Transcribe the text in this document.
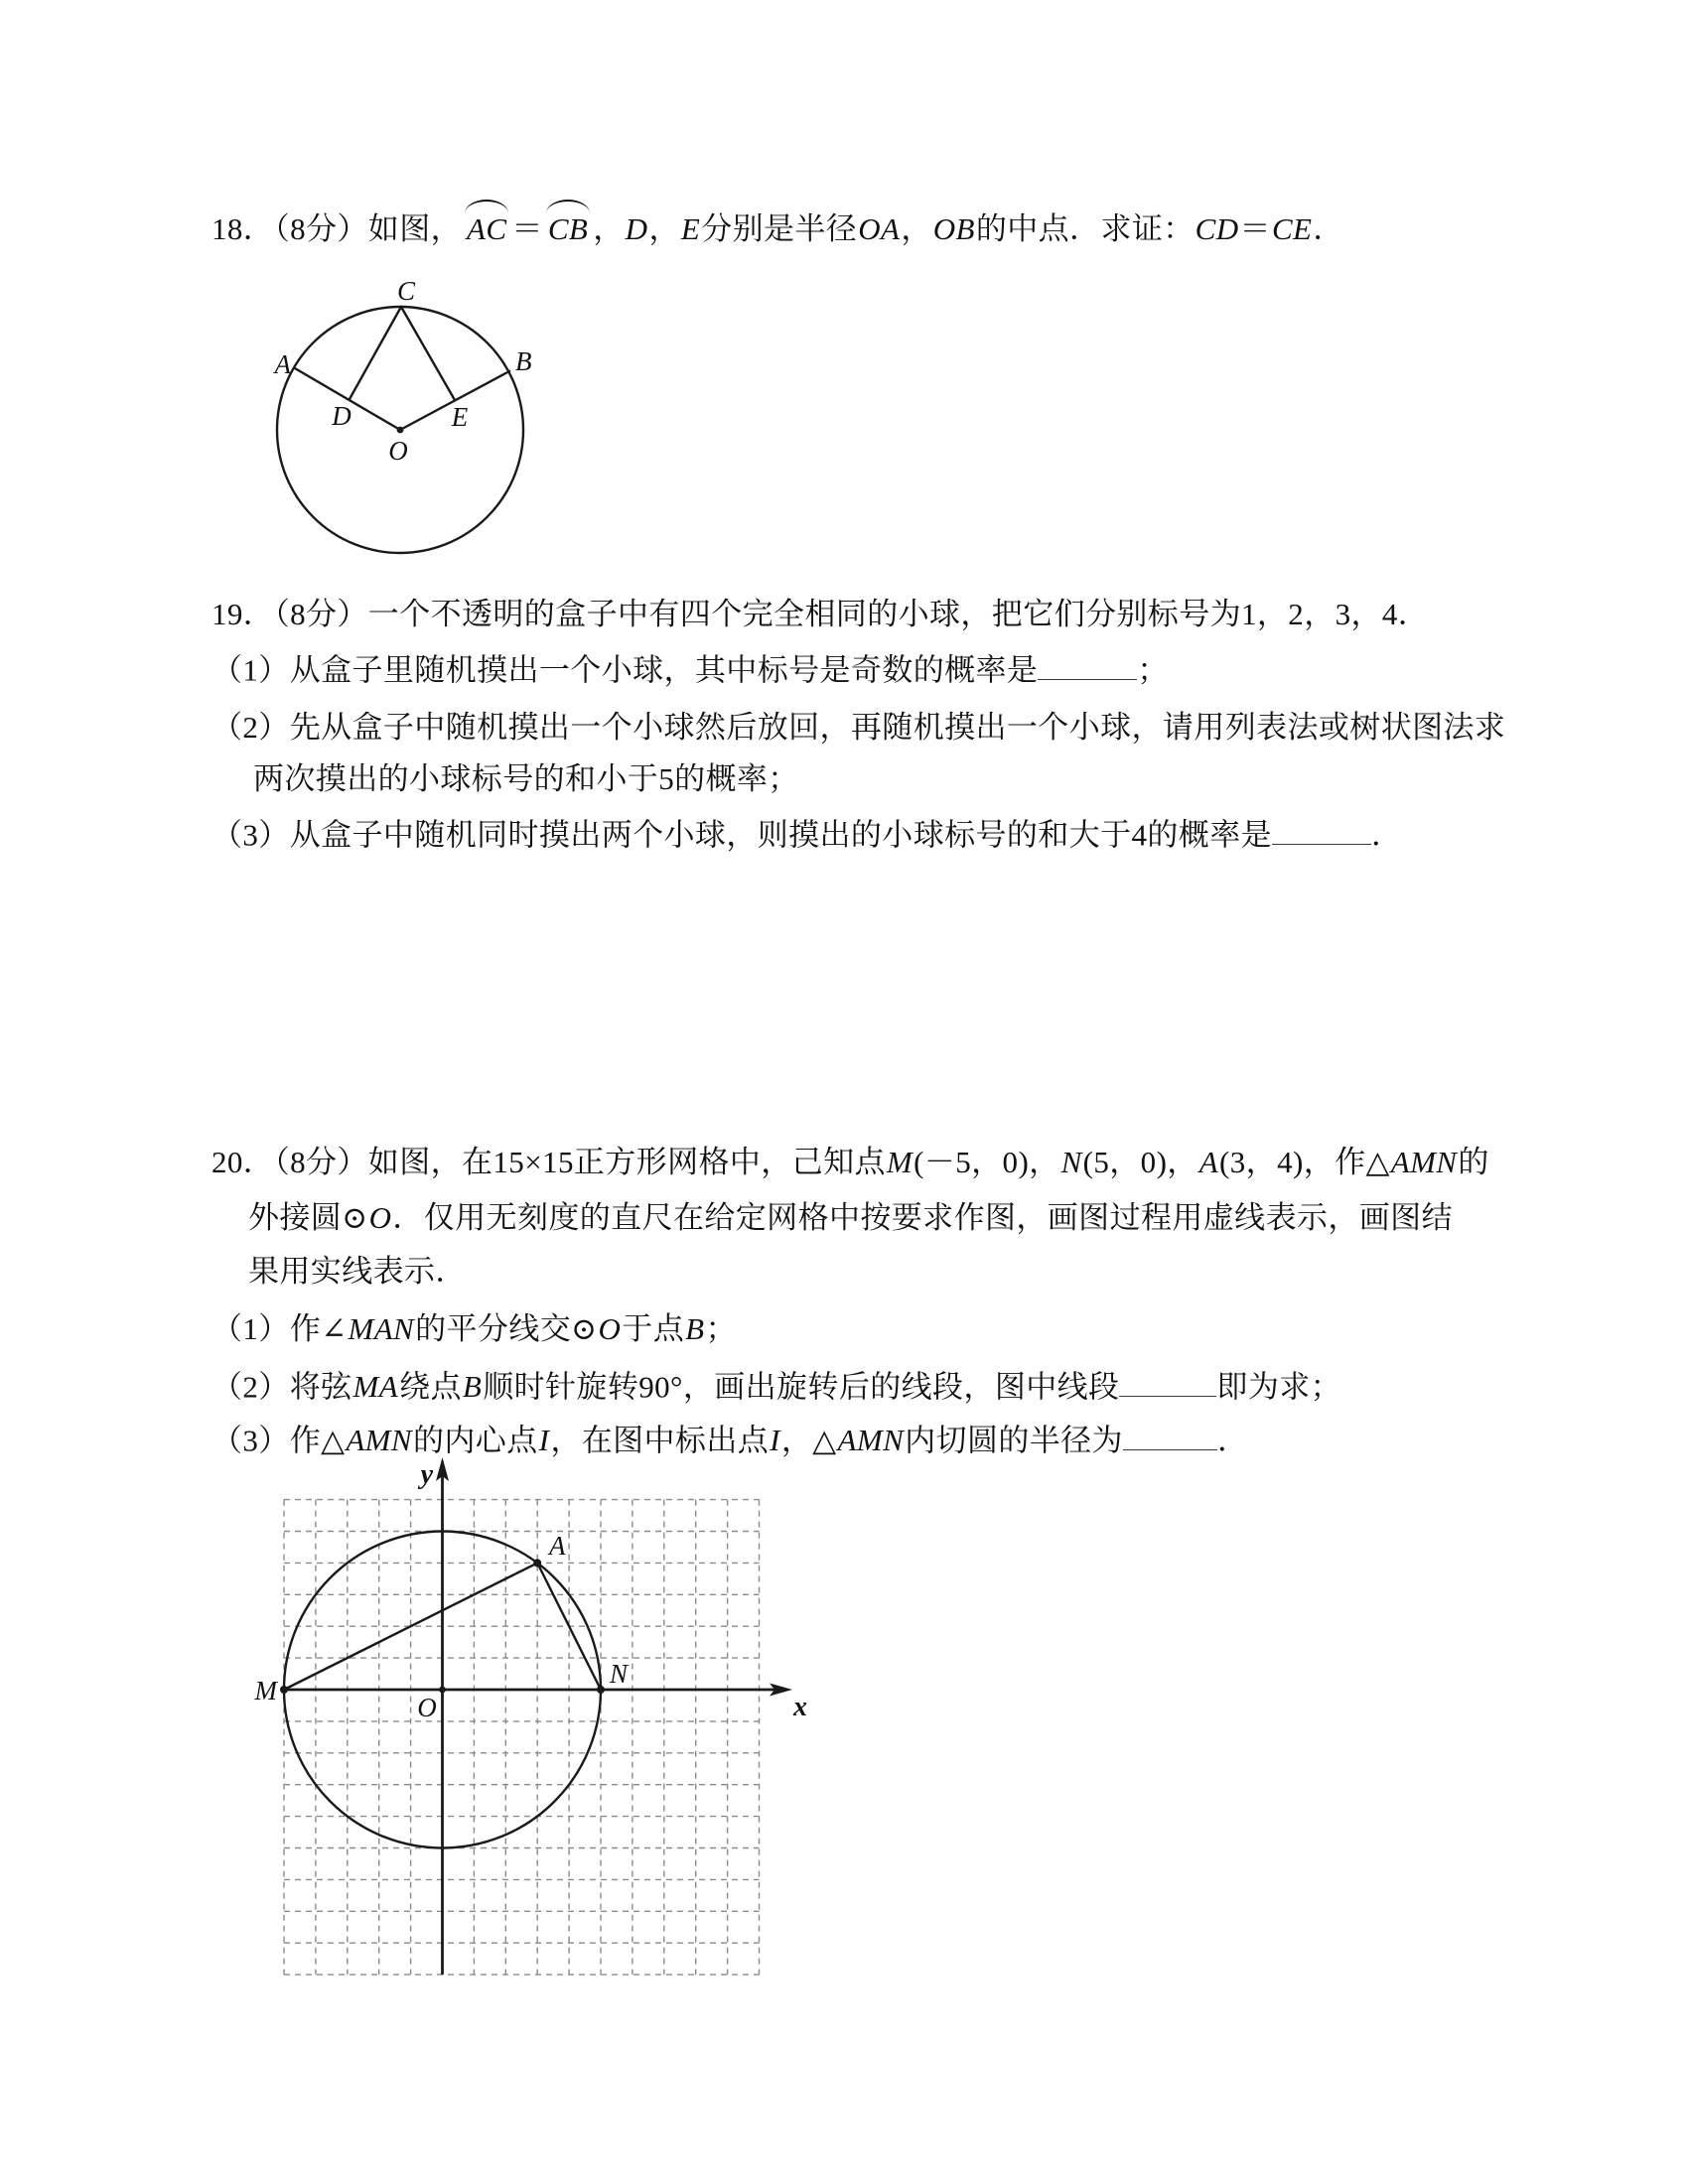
18．（8分）如图， AC ＝ CB ，D，E分别是半径OA，OB的中点．求证：CD＝CE．
C
A	B
D	E
O
19．（8分）一个不透明的盒子中有四个完全相同的小球，把它们分别标号为1，2，3，4．
（1）从盒子里随机摸出一个小球，其中标号是奇数的概率是	；
（2）先从盒子中随机摸出一个小球然后放回，再随机摸出一个小球，请用列表法或树状图法求
两次摸出的小球标号的和小于5的概率；
（3）从盒子中随机同时摸出两个小球，则摸出的小球标号的和大于4的概率是	．
20．（8分）如图，在15×15正方形网格中，己知点M(－5，0)，N(5，0)，A(3，4)，作△AMN的
外接圆⊙O．仅用无刻度的直尺在给定网格中按要求作图，画图过程用虚线表示，画图结
果用实线表示．
（1）作∠MAN的平分线交⊙O于点B；
（2）将弦MA绕点B顺时针旋转90°，画出旋转后的线段，图中线段	即为求；
（3）作△AMN的内心点I，在图中标出点I，△AMN内切圆的半径为	．
y
x
M
N
A
O
